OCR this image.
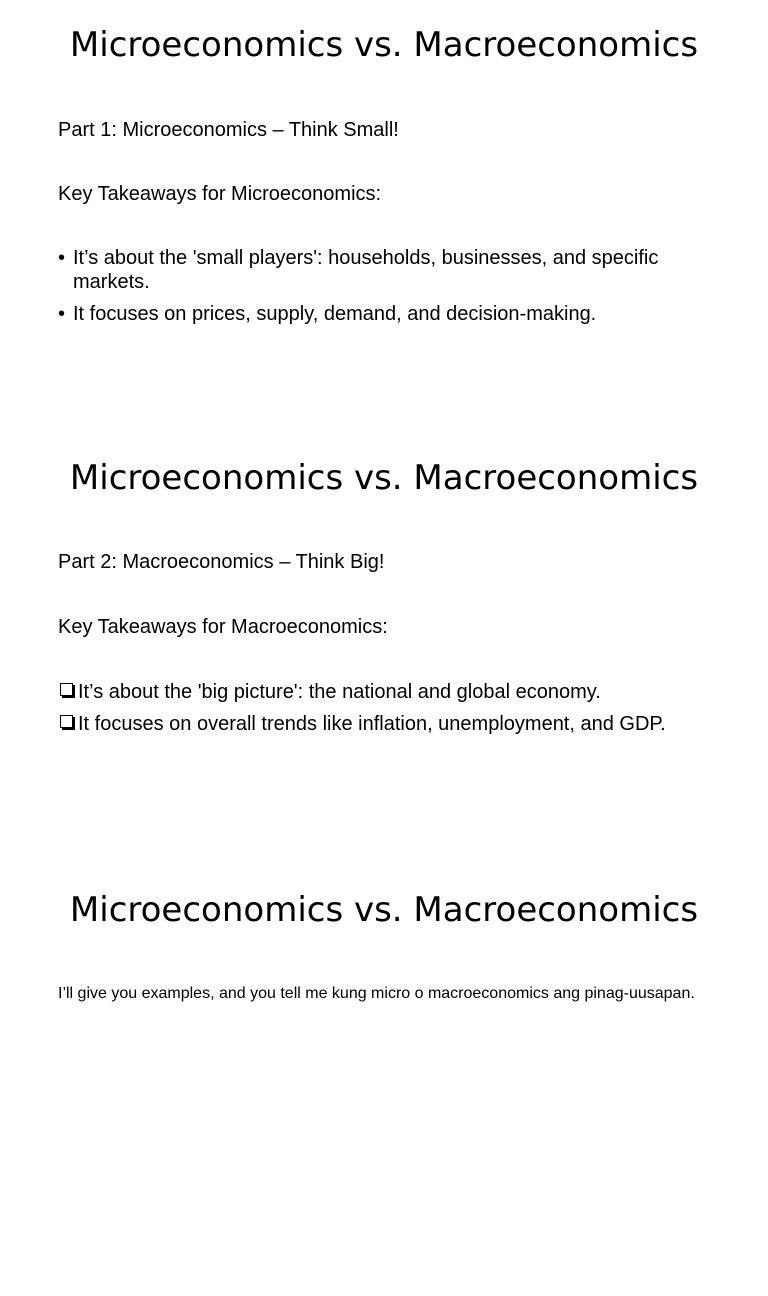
Microeconomics vs. Macroeconomics

Part 1: Microeconomics – Think Small!

Key Takeaways for Microeconomics:

• It’s about the 'small players': households, businesses, and specific markets.
• It focuses on prices, supply, demand, and decision-making.
Microeconomics vs. Macroeconomics

Part 2: Macroeconomics – Think Big!

Key Takeaways for Macroeconomics:

It’s about the 'big picture': the national and global economy.
It focuses on overall trends like inflation, unemployment, and GDP.
Microeconomics vs. Macroeconomics

I’ll give you examples, and you tell me kung micro o macroeconomics ang pinag-uusapan.
